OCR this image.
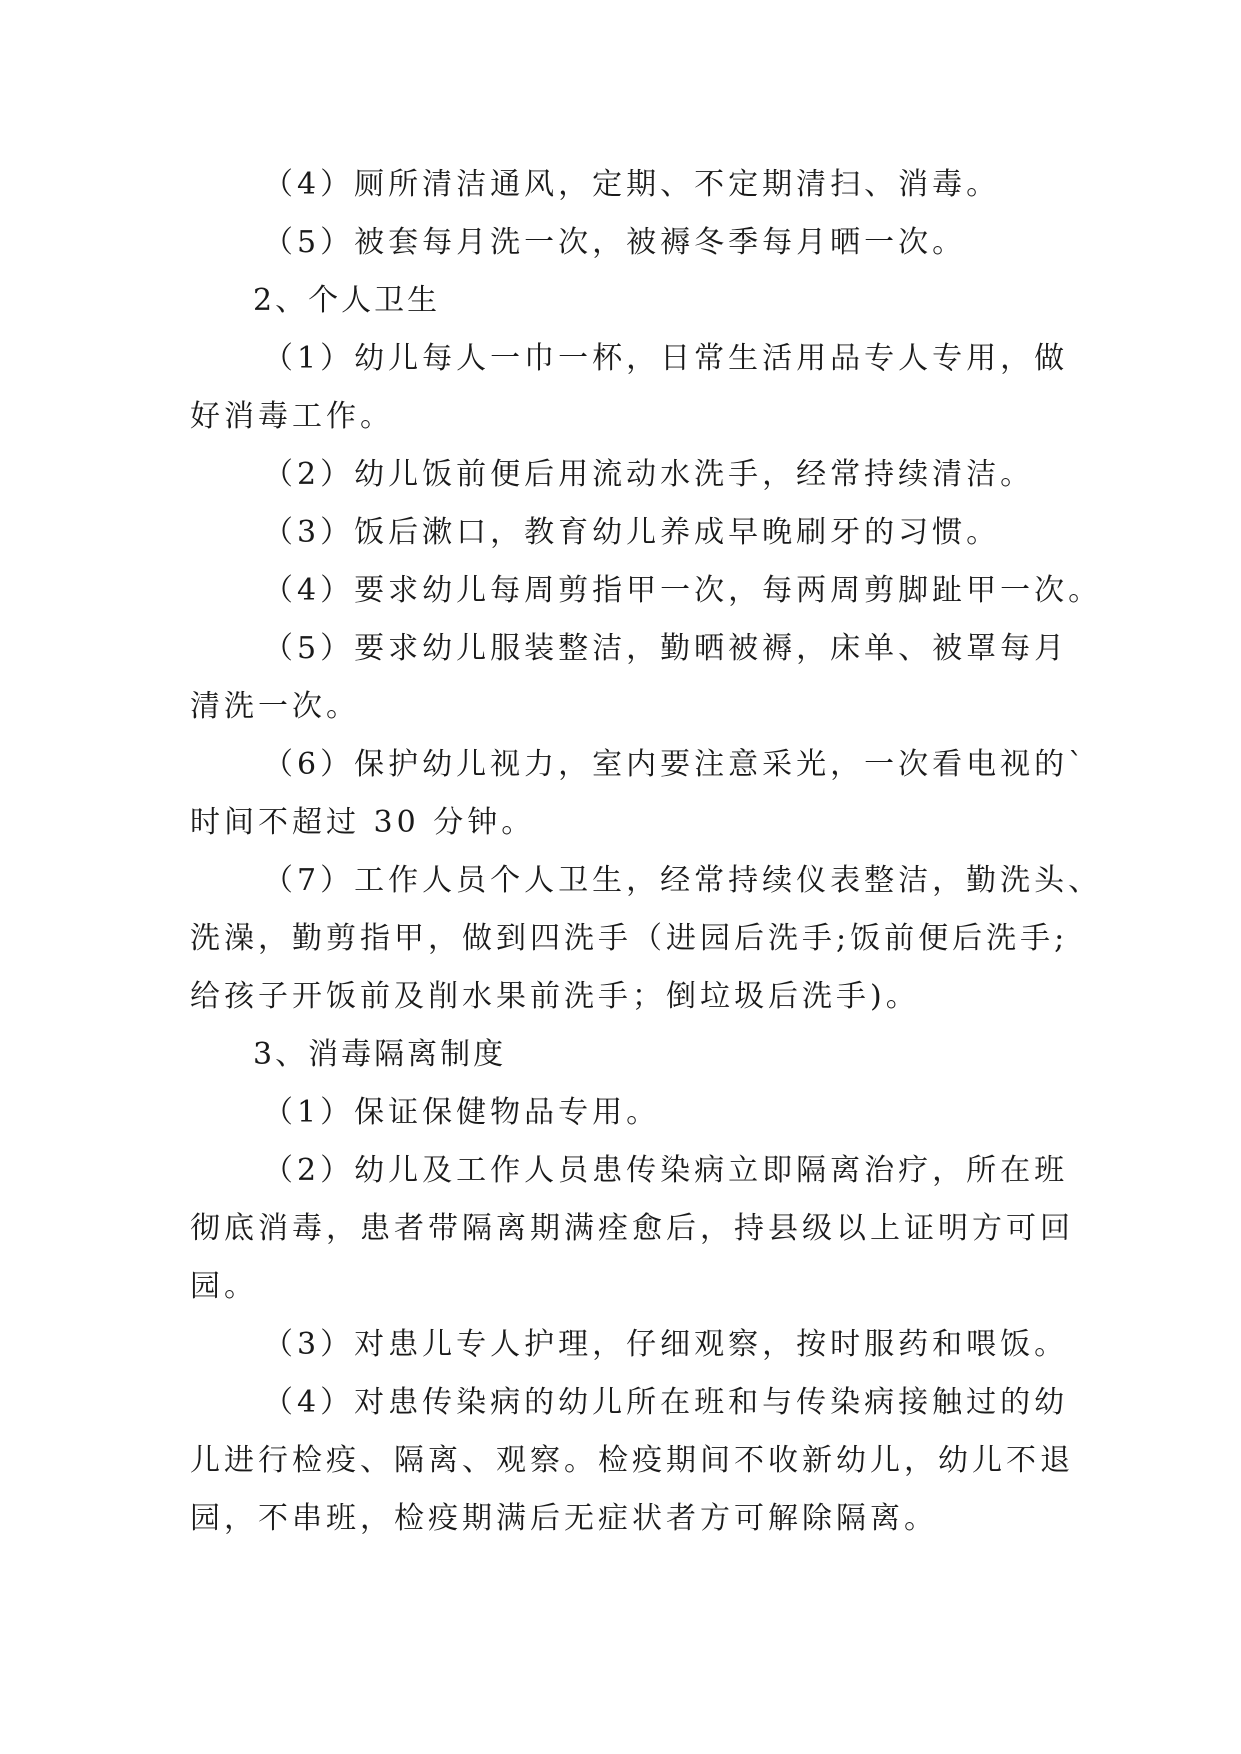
（4）厕所清洁通风，定期、不定期清扫、消毒。
（5）被套每月洗一次，被褥冬季每月晒一次。
2、个人卫生
（1）幼儿每人一巾一杯，日常生活用品专人专用，做
好消毒工作。
（2）幼儿饭前便后用流动水洗手，经常持续清洁。
（3）饭后漱口，教育幼儿养成早晚刷牙的习惯。
（4）要求幼儿每周剪指甲一次，每两周剪脚趾甲一次。
（5）要求幼儿服装整洁，勤晒被褥，床单、被罩每月
清洗一次。
（6）保护幼儿视力，室内要注意采光，一次看电视的`
时间不超过 30 分钟。
（7）工作人员个人卫生，经常持续仪表整洁，勤洗头、
洗澡，勤剪指甲，做到四洗手（进园后洗手;饭前便后洗手;
给孩子开饭前及削水果前洗手；倒垃圾后洗手)。
3、消毒隔离制度
（1）保证保健物品专用。
（2）幼儿及工作人员患传染病立即隔离治疗，所在班
彻底消毒，患者带隔离期满痊愈后，持县级以上证明方可回
园。
（3）对患儿专人护理，仔细观察，按时服药和喂饭。
（4）对患传染病的幼儿所在班和与传染病接触过的幼
儿进行检疫、隔离、观察。检疫期间不收新幼儿，幼儿不退
园，不串班，检疫期满后无症状者方可解除隔离。
